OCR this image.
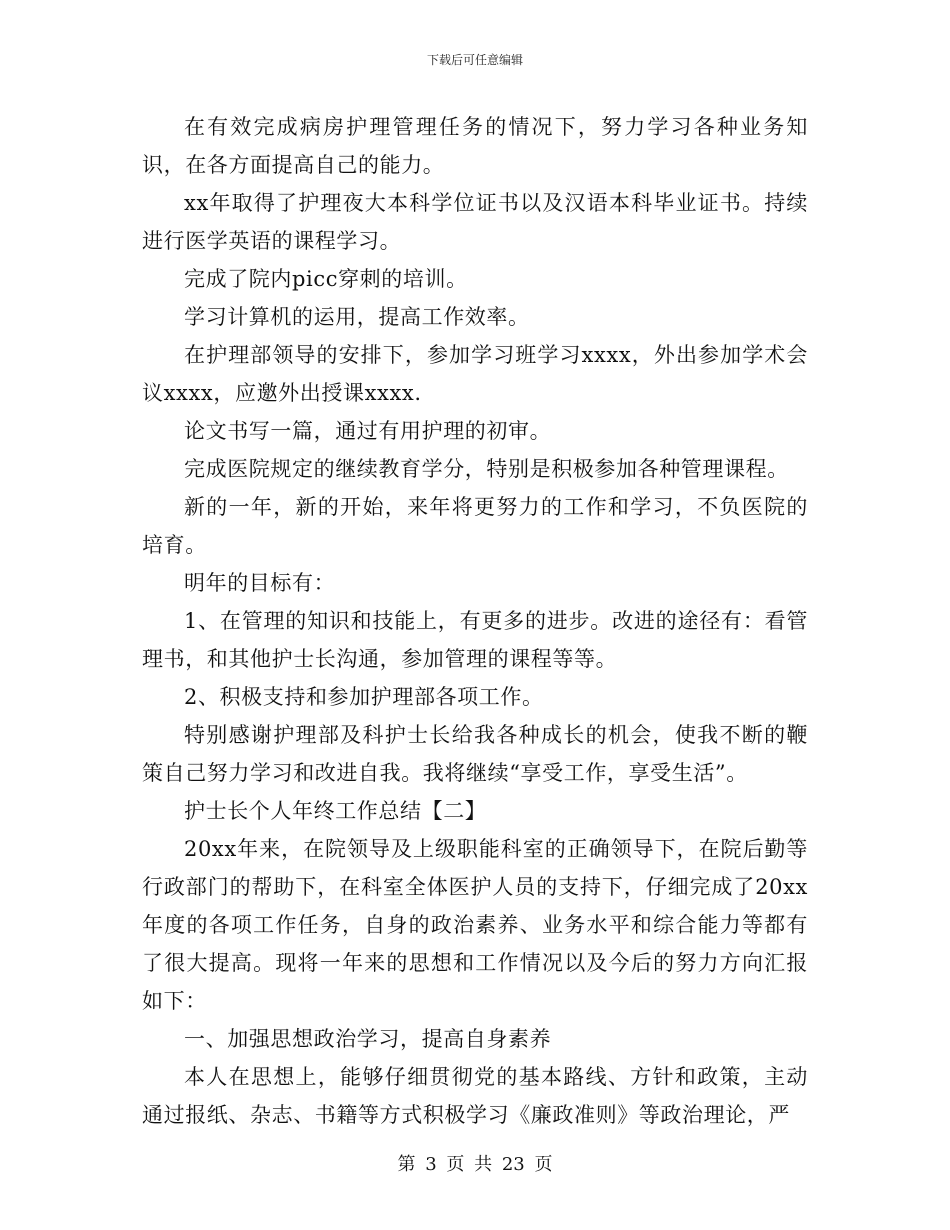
下载后可任意编辑

在有效完成病房护理管理任务的情况下，努力学习各种业务知识，在各方面提高自己的能力。

xx年取得了护理夜大本科学位证书以及汉语本科毕业证书。持续进行医学英语的课程学习。

完成了院内picc穿刺的培训。

学习计算机的运用，提高工作效率。

在护理部领导的安排下，参加学习班学习xxxx，外出参加学术会议xxxx，应邀外出授课xxxx.

论文书写一篇，通过有用护理的初审。

完成医院规定的继续教育学分，特别是积极参加各种管理课程。

新的一年，新的开始，来年将更努力的工作和学习，不负医院的培育。

明年的目标有：

1、在管理的知识和技能上，有更多的进步。改进的途径有：看管理书，和其他护士长沟通，参加管理的课程等等。

2、积极支持和参加护理部各项工作。

特别感谢护理部及科护士长给我各种成长的机会，使我不断的鞭策自己努力学习和改进自我。我将继续“享受工作，享受生活”。

护士长个人年终工作总结【二】

20xx年来，在院领导及上级职能科室的正确领导下，在院后勤等行政部门的帮助下，在科室全体医护人员的支持下，仔细完成了20xx年度的各项工作任务，自身的政治素养、业务水平和综合能力等都有了很大提高。现将一年来的思想和工作情况以及今后的努力方向汇报如下：

一、加强思想政治学习，提高自身素养

本人在思想上，能够仔细贯彻党的基本路线、方针和政策，主动通过报纸、杂志、书籍等方式积极学习《廉政准则》等政治理论，严

第 3 页 共 23 页
